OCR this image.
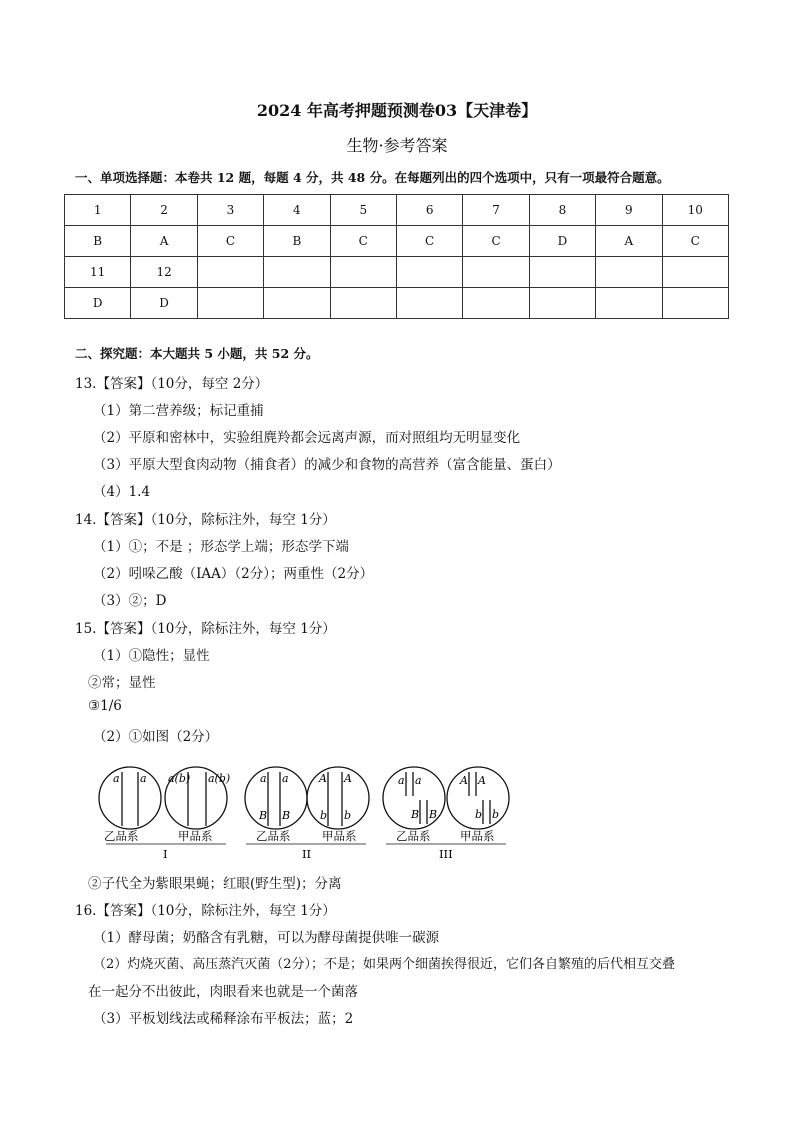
2024 年高考押题预测卷03【天津卷】
生物·参考答案
一、单项选择题：本卷共 12 题，每题 4 分，共 48 分。在每题列出的四个选项中，只有一项最符合题意。
1	2	3	4	5	6	7	8	9	10
B	A	C	B	C	C	C	D	A	C
11	12								
D	D								
二、探究题：本大题共 5 小题，共 52 分。
13.【答案】（10分，每空 2分）
（1）第二营养级；标记重捕
（2）平原和密林中，实验组麂羚都会远离声源，而对照组均无明显变化
（3）平原大型食肉动物（捕食者）的减少和食物的高营养（富含能量、蛋白）
（4）1.4
14.【答案】（10分，除标注外，每空 1分）
（1）①；不是 ；形态学上端；形态学下端
（2）吲哚乙酸（IAA）（2分）；两重性（2分）
（3）②；D
15.【答案】（10分，除标注外，每空 1分）
（1）①隐性；显性
②常；显性
③1/6
（2）①如图（2分）
a a a(b) a(b)
乙品系	甲品系
I
a a
B B
A A
b b
乙品系	甲品系
II
a a
B B
A A
b b
乙品系	甲品系
III
②子代全为紫眼果蝇；红眼(野生型)；分离
16.【答案】（10分，除标注外，每空 1分）
（1）酵母菌；奶酪含有乳糖，可以为酵母菌提供唯一碳源
（2）灼烧灭菌、高压蒸汽灭菌（2分）；不是；如果两个细菌挨得很近，它们各自繁殖的后代相互交叠
在一起分不出彼此，肉眼看来也就是一个菌落
（3）平板划线法或稀释涂布平板法；蓝；2
